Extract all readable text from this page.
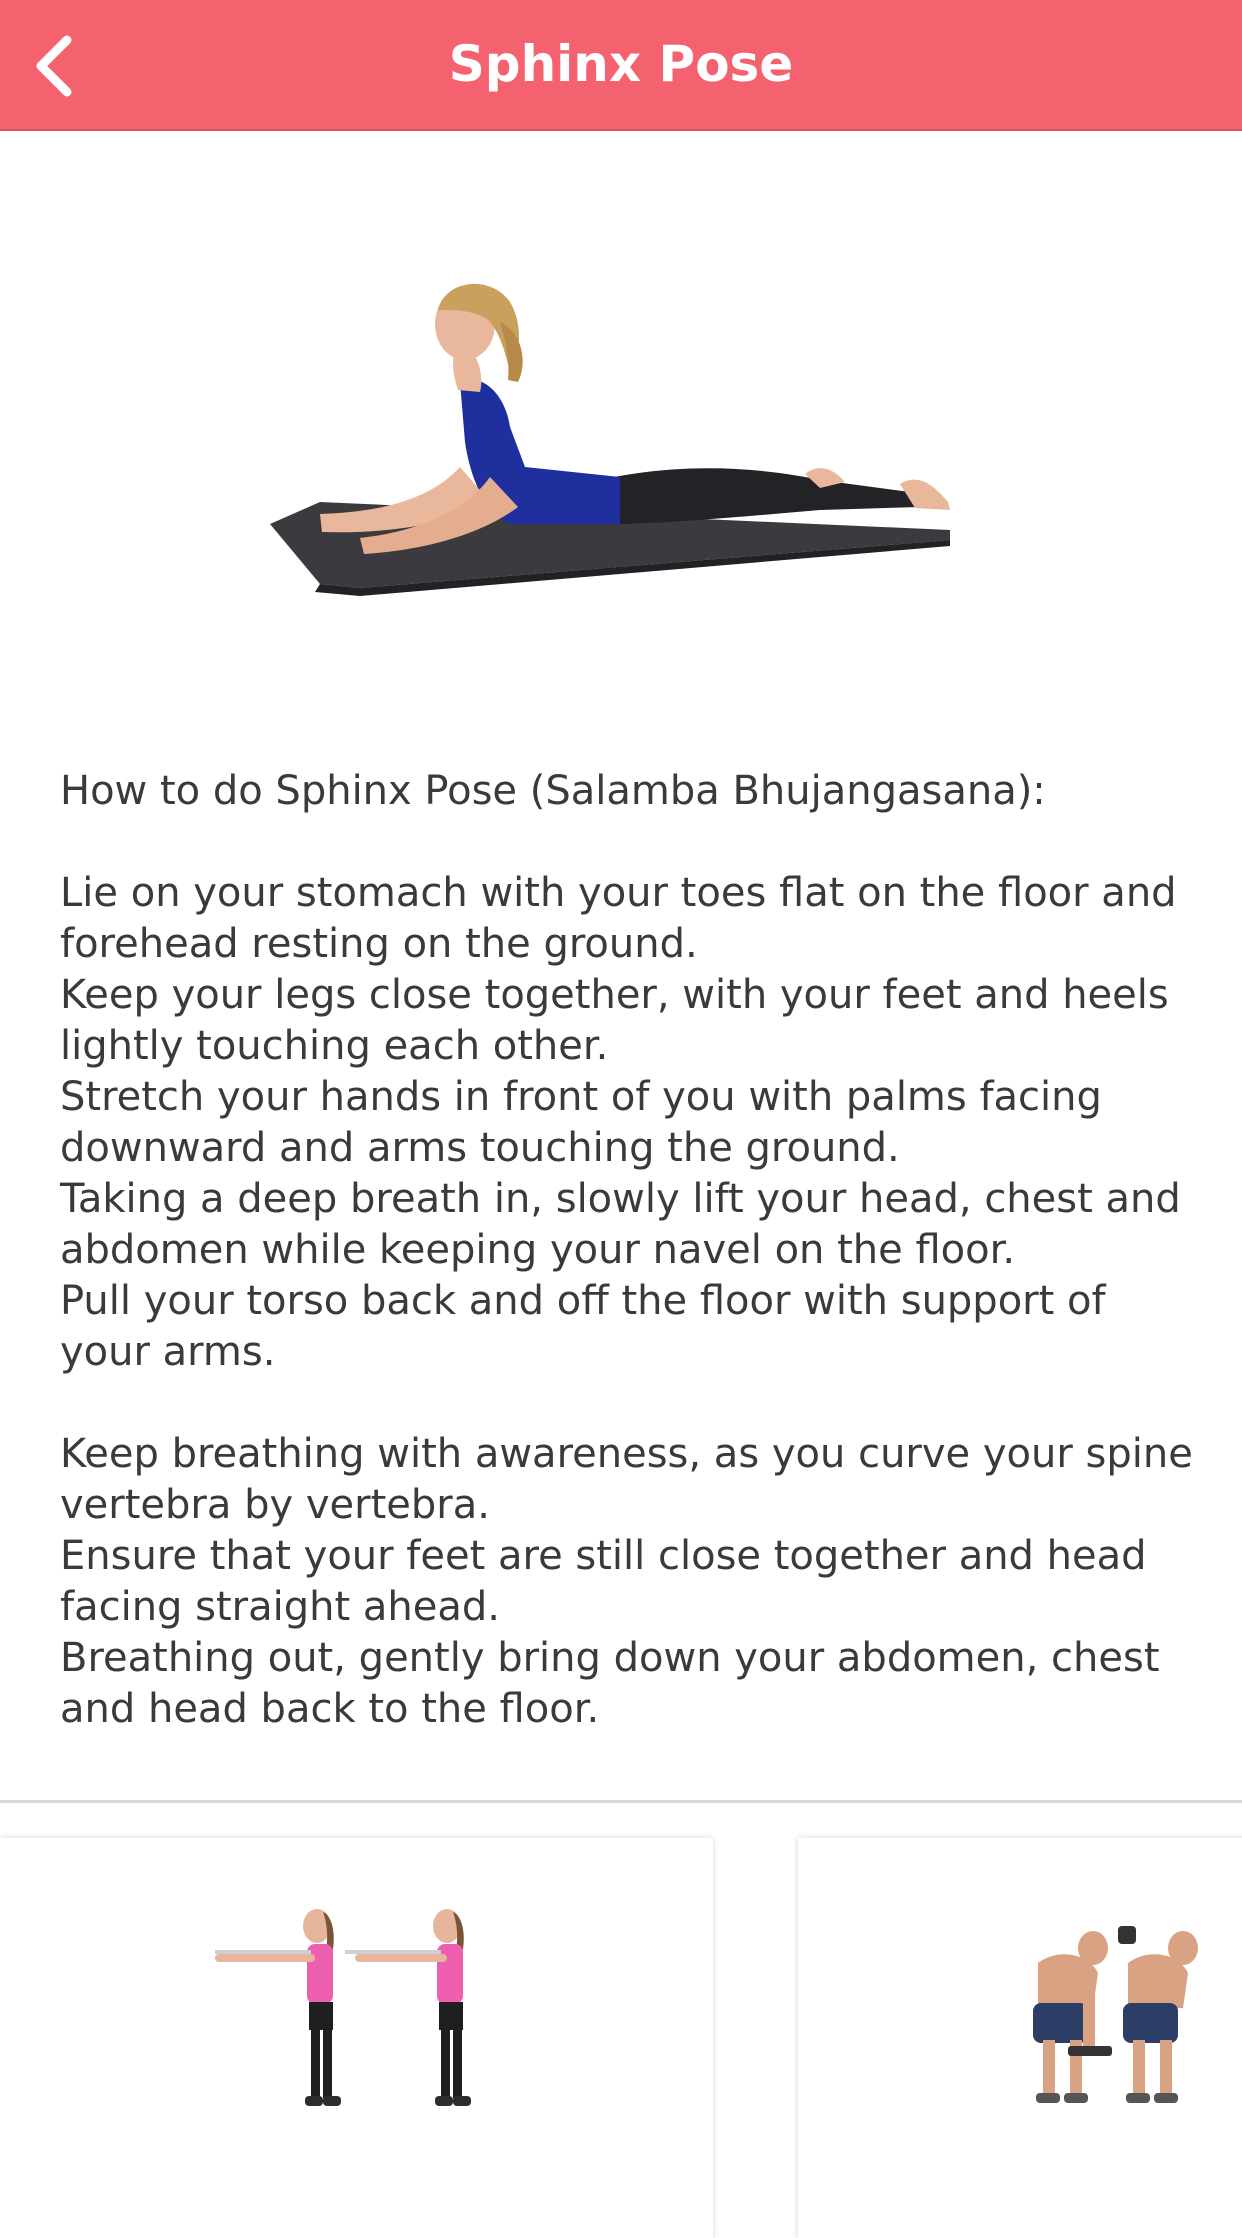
Sphinx Pose

How to do Sphinx Pose (Salamba Bhujangasana):

Lie on your stomach with your toes flat on the floor and forehead resting on the ground.
Keep your legs close together, with your feet and heels lightly touching each other.
Stretch your hands in front of you with palms facing downward and arms touching the ground.
Taking a deep breath in, slowly lift your head, chest and abdomen while keeping your navel on the floor.
Pull your torso back and off the floor with support of your arms.

Keep breathing with awareness, as you curve your spine vertebra by vertebra.
Ensure that your feet are still close together and head facing straight ahead.
Breathing out, gently bring down your abdomen, chest and head back to the floor.
